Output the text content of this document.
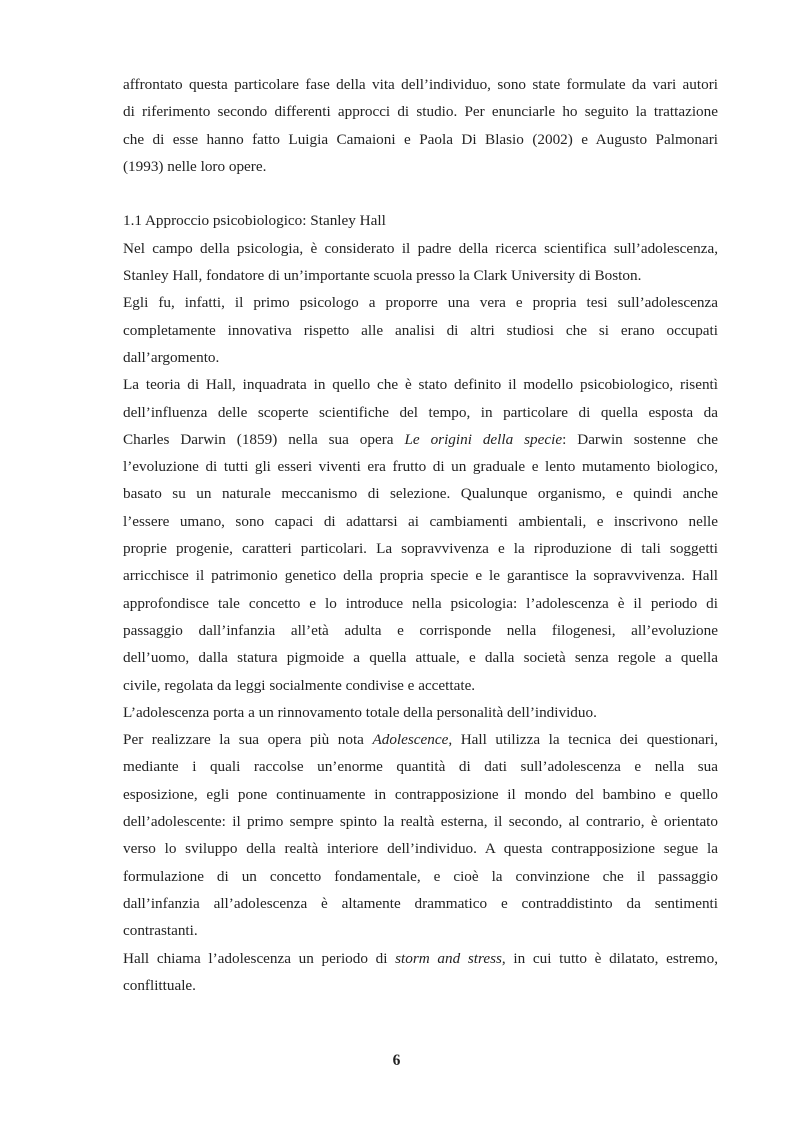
affrontato questa particolare fase della vita dell’individuo, sono state formulate da vari autori
di riferimento secondo differenti approcci di studio. Per enunciarle ho seguito la trattazione
che di esse hanno fatto Luigia Camaioni e Paola Di Blasio (2002) e Augusto Palmonari
(1993) nelle loro opere.
1.1 Approccio psicobiologico: Stanley Hall
Nel campo della psicologia, è considerato il padre della ricerca scientifica sull’adolescenza,
Stanley Hall, fondatore di un’importante scuola presso la Clark University di Boston.
Egli fu, infatti, il primo psicologo a proporre una vera e propria tesi sull’adolescenza
completamente innovativa rispetto alle analisi di altri studiosi che si erano occupati
dall’argomento.
La teoria di Hall, inquadrata in quello che è stato definito il modello psicobiologico, risentì
dell’influenza delle scoperte scientifiche del tempo, in particolare di quella esposta da
Charles Darwin (1859) nella sua opera Le origini della specie: Darwin sostenne che
l’evoluzione di tutti gli esseri viventi era frutto di un graduale e lento mutamento biologico,
basato su un naturale meccanismo di selezione. Qualunque organismo, e quindi anche
l’essere umano, sono capaci di adattarsi ai cambiamenti ambientali, e inscrivono nelle
proprie progenie, caratteri particolari. La sopravvivenza e la riproduzione di tali soggetti
arricchisce il patrimonio genetico della propria specie e le garantisce la sopravvivenza. Hall
approfondisce tale concetto e lo introduce nella psicologia: l’adolescenza è il periodo di
passaggio dall’infanzia all’età adulta e corrisponde nella filogenesi, all’evoluzione
dell’uomo, dalla statura pigmoide a quella attuale, e dalla società senza regole a quella
civile, regolata da leggi socialmente condivise e accettate.
L’adolescenza porta a un rinnovamento totale della personalità dell’individuo.
Per realizzare la sua opera più nota Adolescence, Hall utilizza la tecnica dei questionari,
mediante i quali raccolse un’enorme quantità di dati sull’adolescenza e nella sua
esposizione, egli pone continuamente in contrapposizione il mondo del bambino e quello
dell’adolescente: il primo sempre spinto la realtà esterna, il secondo, al contrario, è orientato
verso lo sviluppo della realtà interiore dell’individuo. A questa contrapposizione segue la
formulazione di un concetto fondamentale, e cioè la convinzione che il passaggio
dall’infanzia all’adolescenza è altamente drammatico e contraddistinto da sentimenti
contrastanti.
Hall chiama l’adolescenza un periodo di storm and stress, in cui tutto è dilatato, estremo,
conflittuale.
6
